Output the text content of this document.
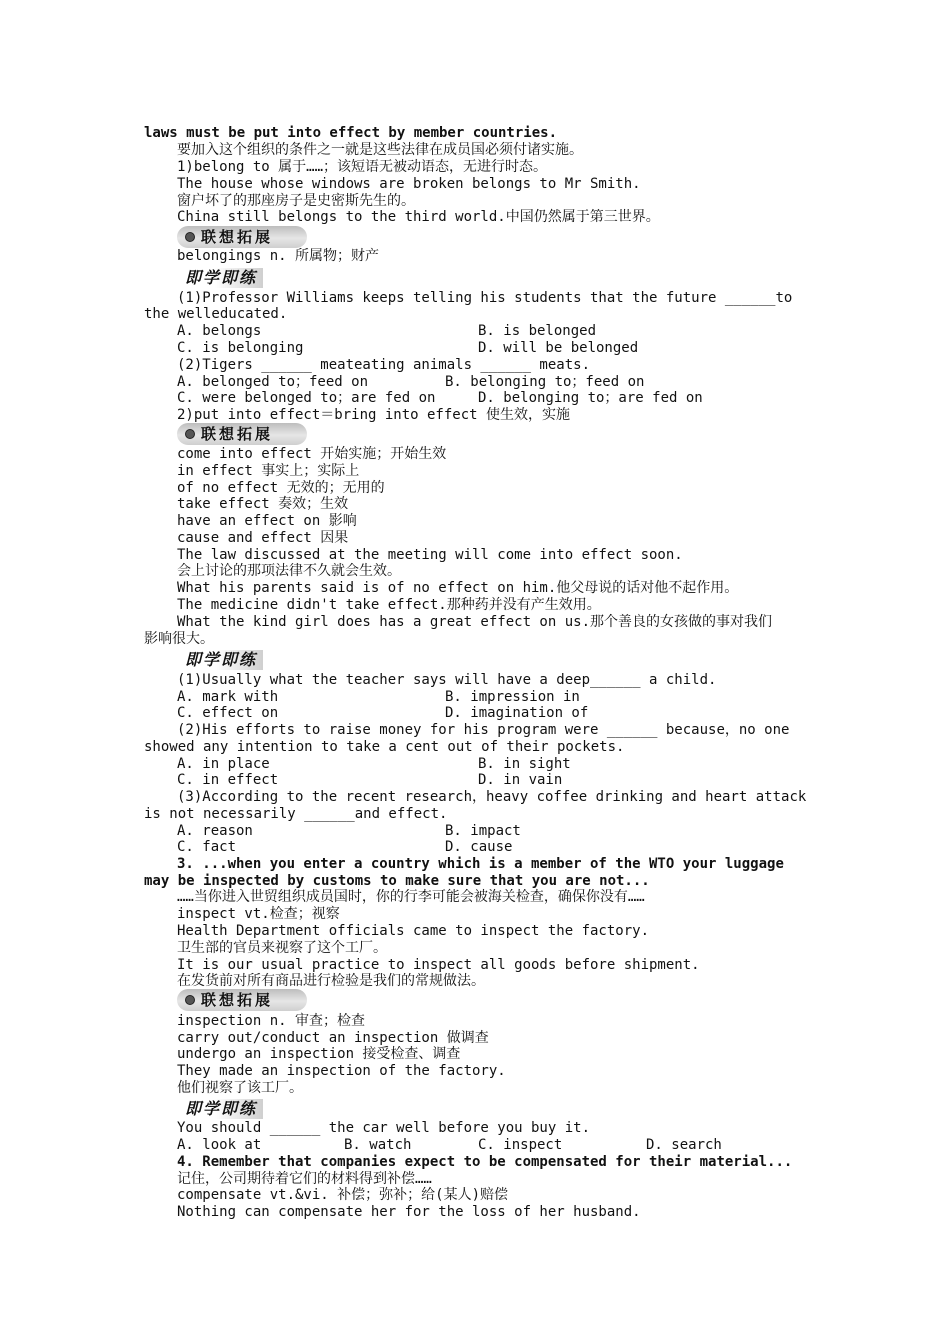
laws must be put into effect by member countries.
要加入这个组织的条件之一就是这些法律在成员国必须付诸实施。
1)belong to 属于……；该短语无被动语态，无进行时态。
The house whose windows are broken belongs to Mr Smith.
窗户坏了的那座房子是史密斯先生的。
China still belongs to the third world.中国仍然属于第三世界。
belongings n. 所属物；财产
(1)Professor Williams keeps telling his students that the future ______to
the welleducated.
A. belongs	B. is belonged
C. is belonging	D. will be belonged
(2)Tigers ______ meateating animals ______ meats.
A. belonged to；feed on	B. belonging to；feed on
C. were belonged to；are fed on	D. belonging to；are fed on
2)put into effect＝bring into effect 使生效，实施
come into effect 开始实施；开始生效
in effect 事实上；实际上
of no effect 无效的；无用的
take effect 奏效；生效
have an effect on 影响
cause and effect 因果
The law discussed at the meeting will come into effect soon.
会上讨论的那项法律不久就会生效。
What his parents said is of no effect on him.他父母说的话对他不起作用。
The medicine didn't take effect.那种药并没有产生效用。
What the kind girl does has a great effect on us.那个善良的女孩做的事对我们
影响很大。
(1)Usually what the teacher says will have a deep______ a child.
A. mark with	B. impression in
C. effect on	D. imagination of
(2)His efforts to raise money for his program were ______ because，no one
showed any intention to take a cent out of their pockets.
A. in place	B. in sight
C. in effect	D. in vain
(3)According to the recent research，heavy coffee drinking and heart attack
is not necessarily ______and effect.
A. reason	B. impact
C. fact	D. cause
3. ...when you enter a country which is a member of the WTO your luggage
may be inspected by customs to make sure that you are not...
……当你进入世贸组织成员国时，你的行李可能会被海关检查，确保你没有……
inspect vt.检查；视察
Health Department officials came to inspect the factory.
卫生部的官员来视察了这个工厂。
It is our usual practice to inspect all goods before shipment.
在发货前对所有商品进行检验是我们的常规做法。
inspection n. 审查；检查
carry out/conduct an inspection 做调查
undergo an inspection 接受检查、调查
They made an inspection of the factory.
他们视察了该工厂。
You should ______ the car well before you buy it.
A. look at	B. watch	C. inspect	D. search
4. Remember that companies expect to be compensated for their material...
记住，公司期待着它们的材料得到补偿……
compensate vt.&vi. 补偿；弥补；给(某人)赔偿
Nothing can compensate her for the loss of her husband.
联想拓展
联想拓展
联想拓展
即学即练
即学即练
即学即练
